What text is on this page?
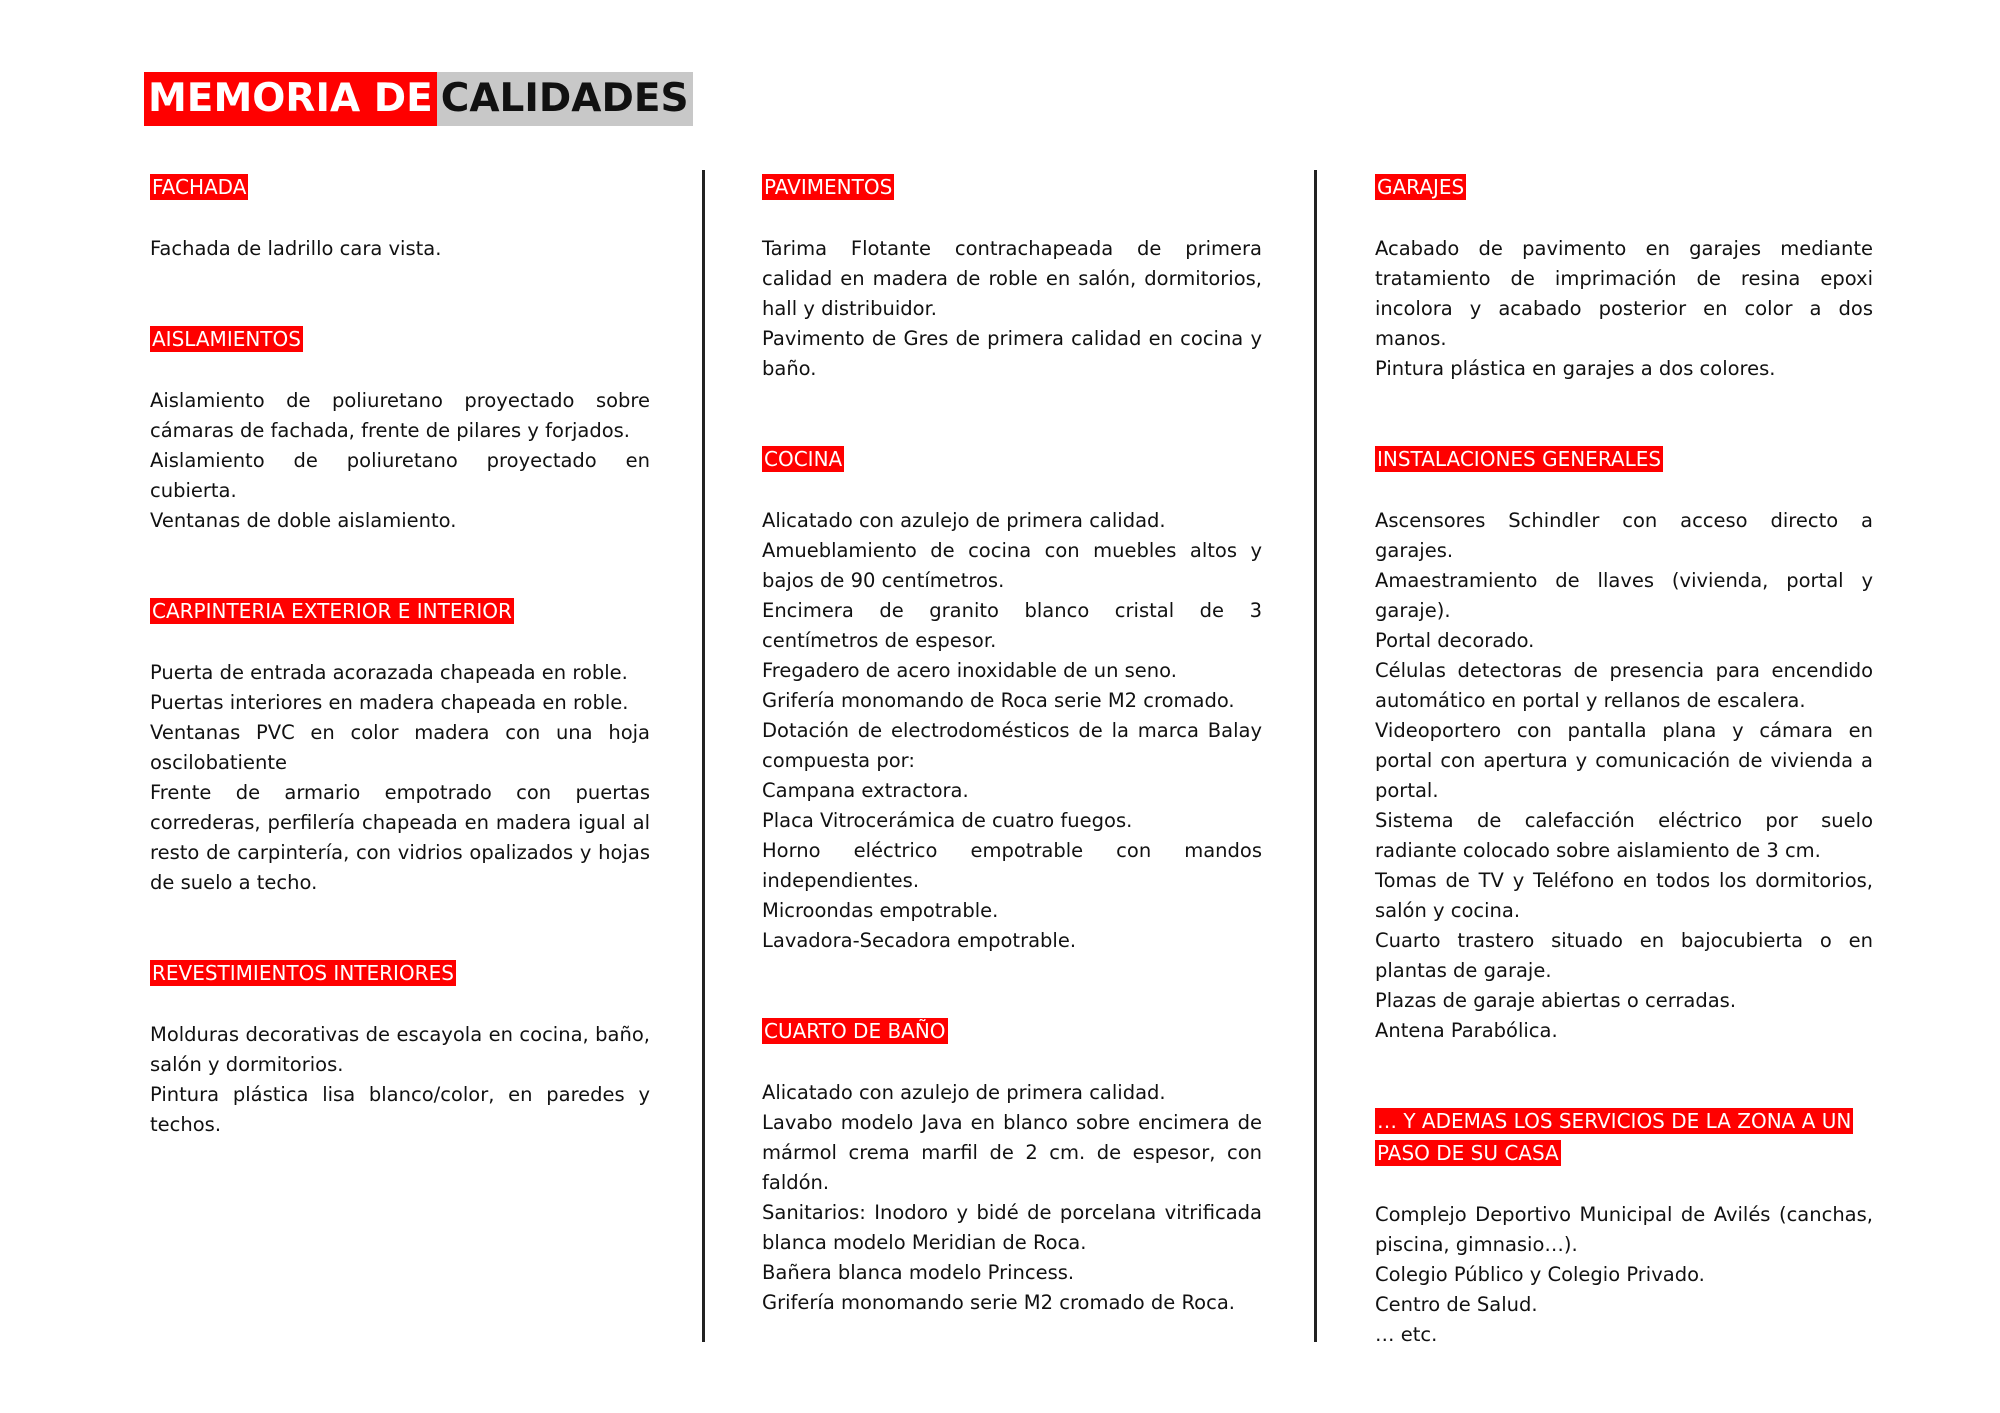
MEMORIA DE CALIDADES
FACHADA
Fachada de ladrillo cara vista.
AISLAMIENTOS
Aislamiento de poliuretano proyectado sobre cámaras de fachada, frente de pilares y forjados.
Aislamiento de poliuretano proyectado en cubierta.
Ventanas de doble aislamiento.
CARPINTERIA EXTERIOR E INTERIOR
Puerta de entrada acorazada chapeada en roble.
Puertas interiores en madera chapeada en roble.
Ventanas PVC en color madera con una hoja oscilobatiente
Frente de armario empotrado con puertas correderas, perfilería chapeada en madera igual al resto de carpintería, con vidrios opalizados y hojas de suelo a techo.
REVESTIMIENTOS INTERIORES
Molduras decorativas de escayola en cocina, baño, salón y dormitorios.
Pintura plástica lisa blanco/color, en paredes y techos.
PAVIMENTOS
Tarima Flotante contrachapeada de primera calidad en madera de roble en salón, dormitorios, hall y distribuidor.
Pavimento de Gres de primera calidad en cocina y baño.
COCINA
Alicatado con azulejo de primera calidad.
Amueblamiento de cocina con muebles altos y bajos de 90 centímetros.
Encimera de granito blanco cristal de 3 centímetros de espesor.
Fregadero de acero inoxidable de un seno.
Grifería monomando de Roca serie M2 cromado.
Dotación de electrodomésticos de la marca Balay compuesta por:
Campana extractora.
Placa Vitrocerámica de cuatro fuegos.
Horno eléctrico empotrable con mandos independientes.
Microondas empotrable.
Lavadora-Secadora empotrable.
CUARTO DE BAÑO
Alicatado con azulejo de primera calidad.
Lavabo modelo Java en blanco sobre encimera de mármol crema marfil de 2 cm. de espesor, con faldón.
Sanitarios: Inodoro y bidé de porcelana vitrificada blanca modelo Meridian de Roca.
Bañera blanca modelo Princess.
Grifería monomando serie M2 cromado de Roca.
GARAJES
Acabado de pavimento en garajes mediante tratamiento de imprimación de resina epoxi incolora y acabado posterior en color a dos manos.
Pintura plástica en garajes a dos colores.
INSTALACIONES GENERALES
Ascensores Schindler con acceso directo a garajes.
Amaestramiento de llaves (vivienda, portal y garaje).
Portal decorado.
Células detectoras de presencia para encendido automático en portal y rellanos de escalera.
Videoportero con pantalla plana y cámara en portal con apertura y comunicación de vivienda a portal.
Sistema de calefacción eléctrico por suelo radiante colocado sobre aislamiento de 3 cm.
Tomas de TV y Teléfono en todos los dormitorios, salón y cocina.
Cuarto trastero situado en bajocubierta o en plantas de garaje.
Plazas de garaje abiertas o cerradas.
Antena Parabólica.
… Y ADEMAS LOS SERVICIOS DE LA ZONA A UN PASO DE SU CASA
Complejo Deportivo Municipal de Avilés (canchas, piscina, gimnasio…).
Colegio Público y Colegio Privado.
Centro de Salud.
… etc.
